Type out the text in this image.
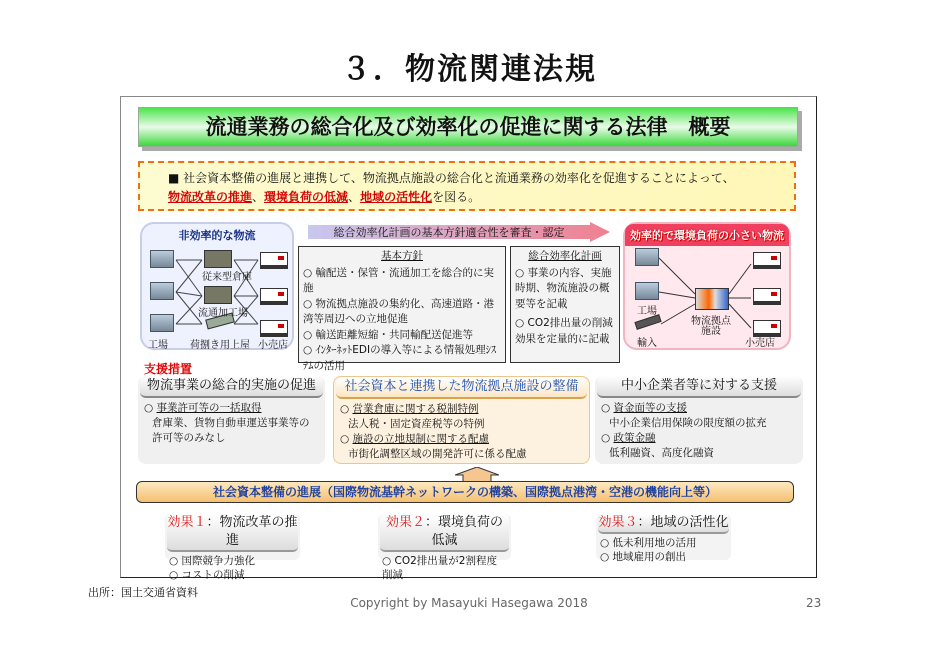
３．物流関連法規
流通業務の総合化及び効率化の促進に関する法律　概要
■ 社会資本整備の進展と連携して、物流拠点施設の総合化と流通業務の効率化を促進することによって、
物流改革の推進、環境負荷の低減、地域の活性化を図る。
非効率的な物流
従来型倉庫
流通加工場
工場 荷捌き用上屋 小売店
総合効率化計画の基本方針適合性を審査・認定
基本方針
○ 輸配送・保管・流通加工を総合的に実施
○ 物流拠点施設の集約化、高速道路・港湾等周辺への立地促進
○ 輸送距離短縮・共同輸配送促進等
○ ｲﾝﾀｰﾈｯﾄEDIの導入等による情報処理ｼｽﾃﾑの活用
総合効率化計画
○ 事業の内容、実施時期、物流施設の概要等を記載
○ CO2排出量の削減効果を定量的に記載
効率的で環境負荷の小さい物流
工場
輸入
物流拠点
施設
小売店
支援措置
物流事業の総合的実施の促進
○ 事業許可等の一括取得
倉庫業、貨物自動車運送事業等の許可等のみなし
社会資本と連携した物流拠点施設の整備
○ 営業倉庫に関する税制特例
法人税・固定資産税等の特例
○ 施設の立地規制に関する配慮
市街化調整区域の開発許可に係る配慮
中小企業者等に対する支援
○ 資金面等の支援
中小企業信用保険の限度額の拡充
○ 政策金融
低利融資、高度化融資
社会資本整備の進展（国際物流基幹ネットワークの構築、国際拠点港湾・空港の機能向上等）
効果１：物流改革の推進
○ 国際競争力強化
○ コストの削減
効果２：環境負荷の低減
○ CO2排出量が2割程度削減
効果３：地域の活性化
○ 低未利用地の活用
○ 地域雇用の創出
出所：国土交通省資料
Copyright by Masayuki Hasegawa 2018	23
